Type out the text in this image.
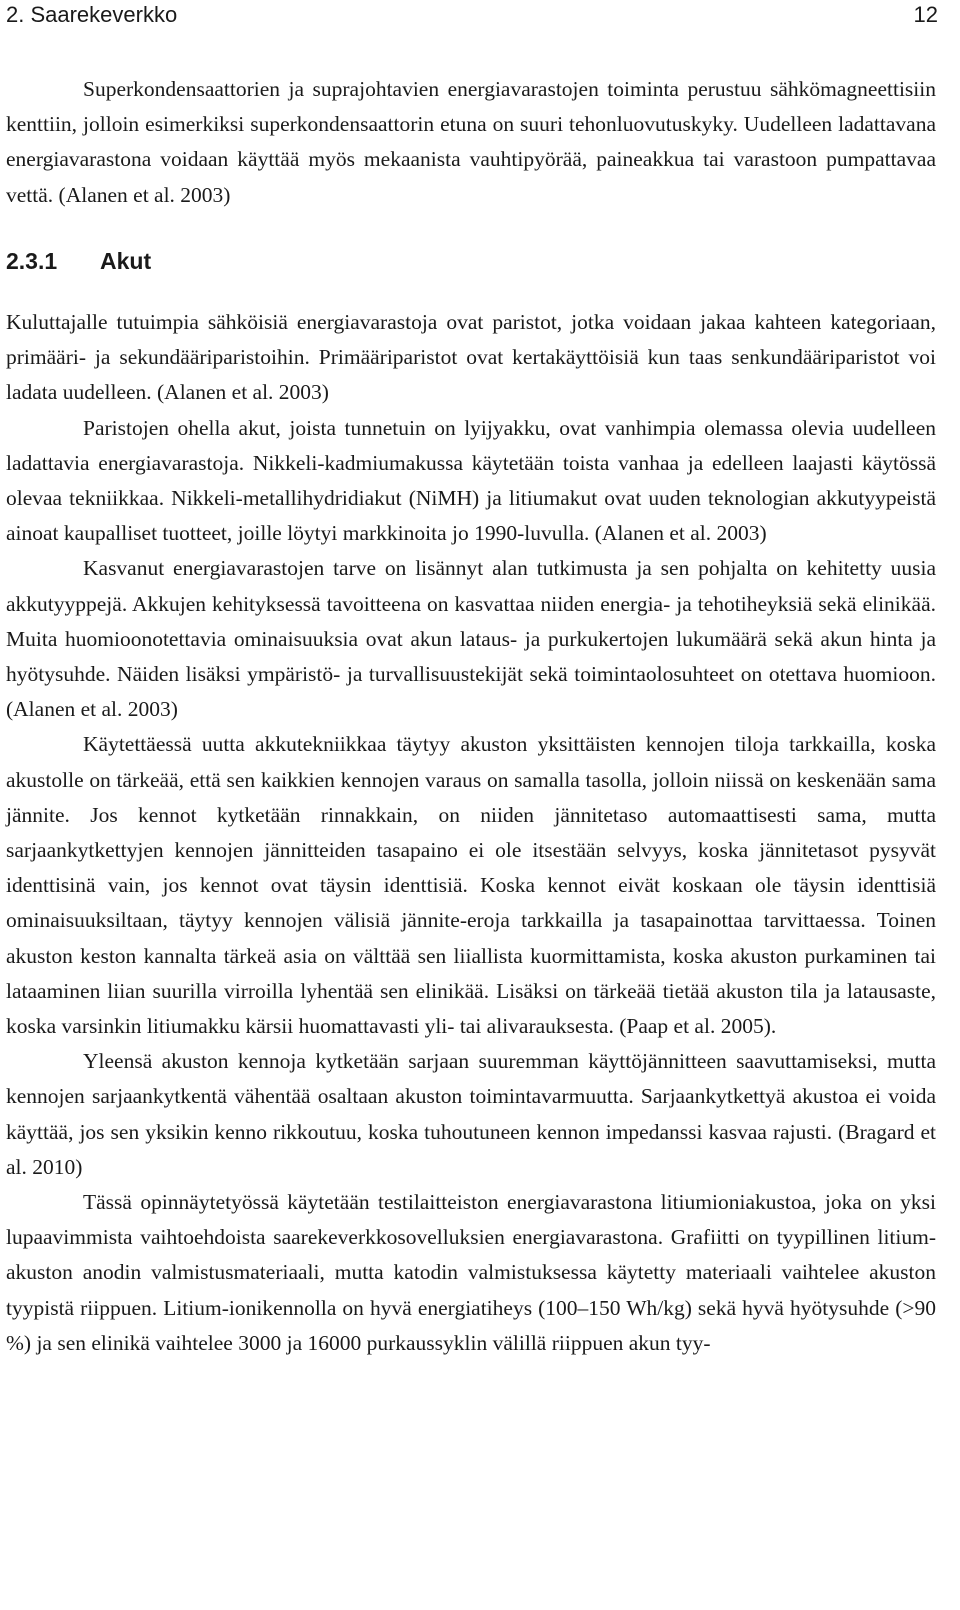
2. Saarekeverkko	12

Superkondensaattorien ja suprajohtavien energiavarastojen toiminta perustuu sähkömagneettisiin kenttiin, jolloin esimerkiksi superkondensaattorin etuna on suuri tehonluovutuskyky. Uudelleen ladattavana energiavarastona voidaan käyttää myös mekaanista vauhtipyörää, paineakkua tai varastoon pumpattavaa vettä. (Alanen et al. 2003)

2.3.1 Akut

Kuluttajalle tutuimpia sähköisiä energiavarastoja ovat paristot, jotka voidaan jakaa kahteen kategoriaan, primääri- ja sekundääriparistoihin. Primääriparistot ovat kertakäyttöisiä kun taas senkundääriparistot voi ladata uudelleen. (Alanen et al. 2003)

Paristojen ohella akut, joista tunnetuin on lyijyakku, ovat vanhimpia olemassa olevia uudelleen ladattavia energiavarastoja. Nikkeli-kadmiumakussa käytetään toista vanhaa ja edelleen laajasti käytössä olevaa tekniikkaa. Nikkeli-metallihydridiakut (NiMH) ja litiumakut ovat uuden teknologian akkutyypeistä ainoat kaupalliset tuotteet, joille löytyi markkinoita jo 1990-luvulla. (Alanen et al. 2003)

Kasvanut energiavarastojen tarve on lisännyt alan tutkimusta ja sen pohjalta on kehitetty uusia akkutyyppejä. Akkujen kehityksessä tavoitteena on kasvattaa niiden energia- ja tehotiheyksiä sekä elinikää. Muita huomioonotettavia ominaisuuksia ovat akun lataus- ja purkukertojen lukumäärä sekä akun hinta ja hyötysuhde. Näiden lisäksi ympäristö- ja turvallisuustekijät sekä toimintaolosuhteet on otettava huomioon. (Alanen et al. 2003)

Käytettäessä uutta akkutekniikkaa täytyy akuston yksittäisten kennojen tiloja tarkkailla, koska akustolle on tärkeää, että sen kaikkien kennojen varaus on samalla tasolla, jolloin niissä on keskenään sama jännite. Jos kennot kytketään rinnakkain, on niiden jännitetaso automaattisesti sama, mutta sarjaankytkettyjen kennojen jännitteiden tasapaino ei ole itsestään selvyys, koska jännitetasot pysyvät identtisinä vain, jos kennot ovat täysin identtisiä. Koska kennot eivät koskaan ole täysin identtisiä ominaisuuksiltaan, täytyy kennojen välisiä jännite-eroja tarkkailla ja tasapainottaa tarvittaessa. Toinen akuston keston kannalta tärkeä asia on välttää sen liiallista kuormittamista, koska akuston purkaminen tai lataaminen liian suurilla virroilla lyhentää sen elinikää. Lisäksi on tärkeää tietää akuston tila ja latausaste, koska varsinkin litiumakku kärsii huomattavasti yli- tai alivarauksesta. (Paap et al. 2005).

Yleensä akuston kennoja kytketään sarjaan suuremman käyttöjännitteen saavuttamiseksi, mutta kennojen sarjaankytkentä vähentää osaltaan akuston toimintavarmuutta. Sarjaankytkettyä akustoa ei voida käyttää, jos sen yksikin kenno rikkoutuu, koska tuhoutuneen kennon impedanssi kasvaa rajusti. (Bragard et al. 2010)

Tässä opinnäytetyössä käytetään testilaitteiston energiavarastona litiumioniakustoa, joka on yksi lupaavimmista vaihtoehdoista saarekeverkkosovelluksien energiavarastona. Grafiitti on tyypillinen litium-akuston anodin valmistusmateriaali, mutta katodin valmistuksessa käytetty materiaali vaihtelee akuston tyypistä riippuen. Litium-ionikennolla on hyvä energiatiheys (100–150 Wh/kg) sekä hyvä hyötysuhde (>90 %) ja sen elinikä vaihtelee 3000 ja 16000 purkaussyklin välillä riippuen akun tyy-
